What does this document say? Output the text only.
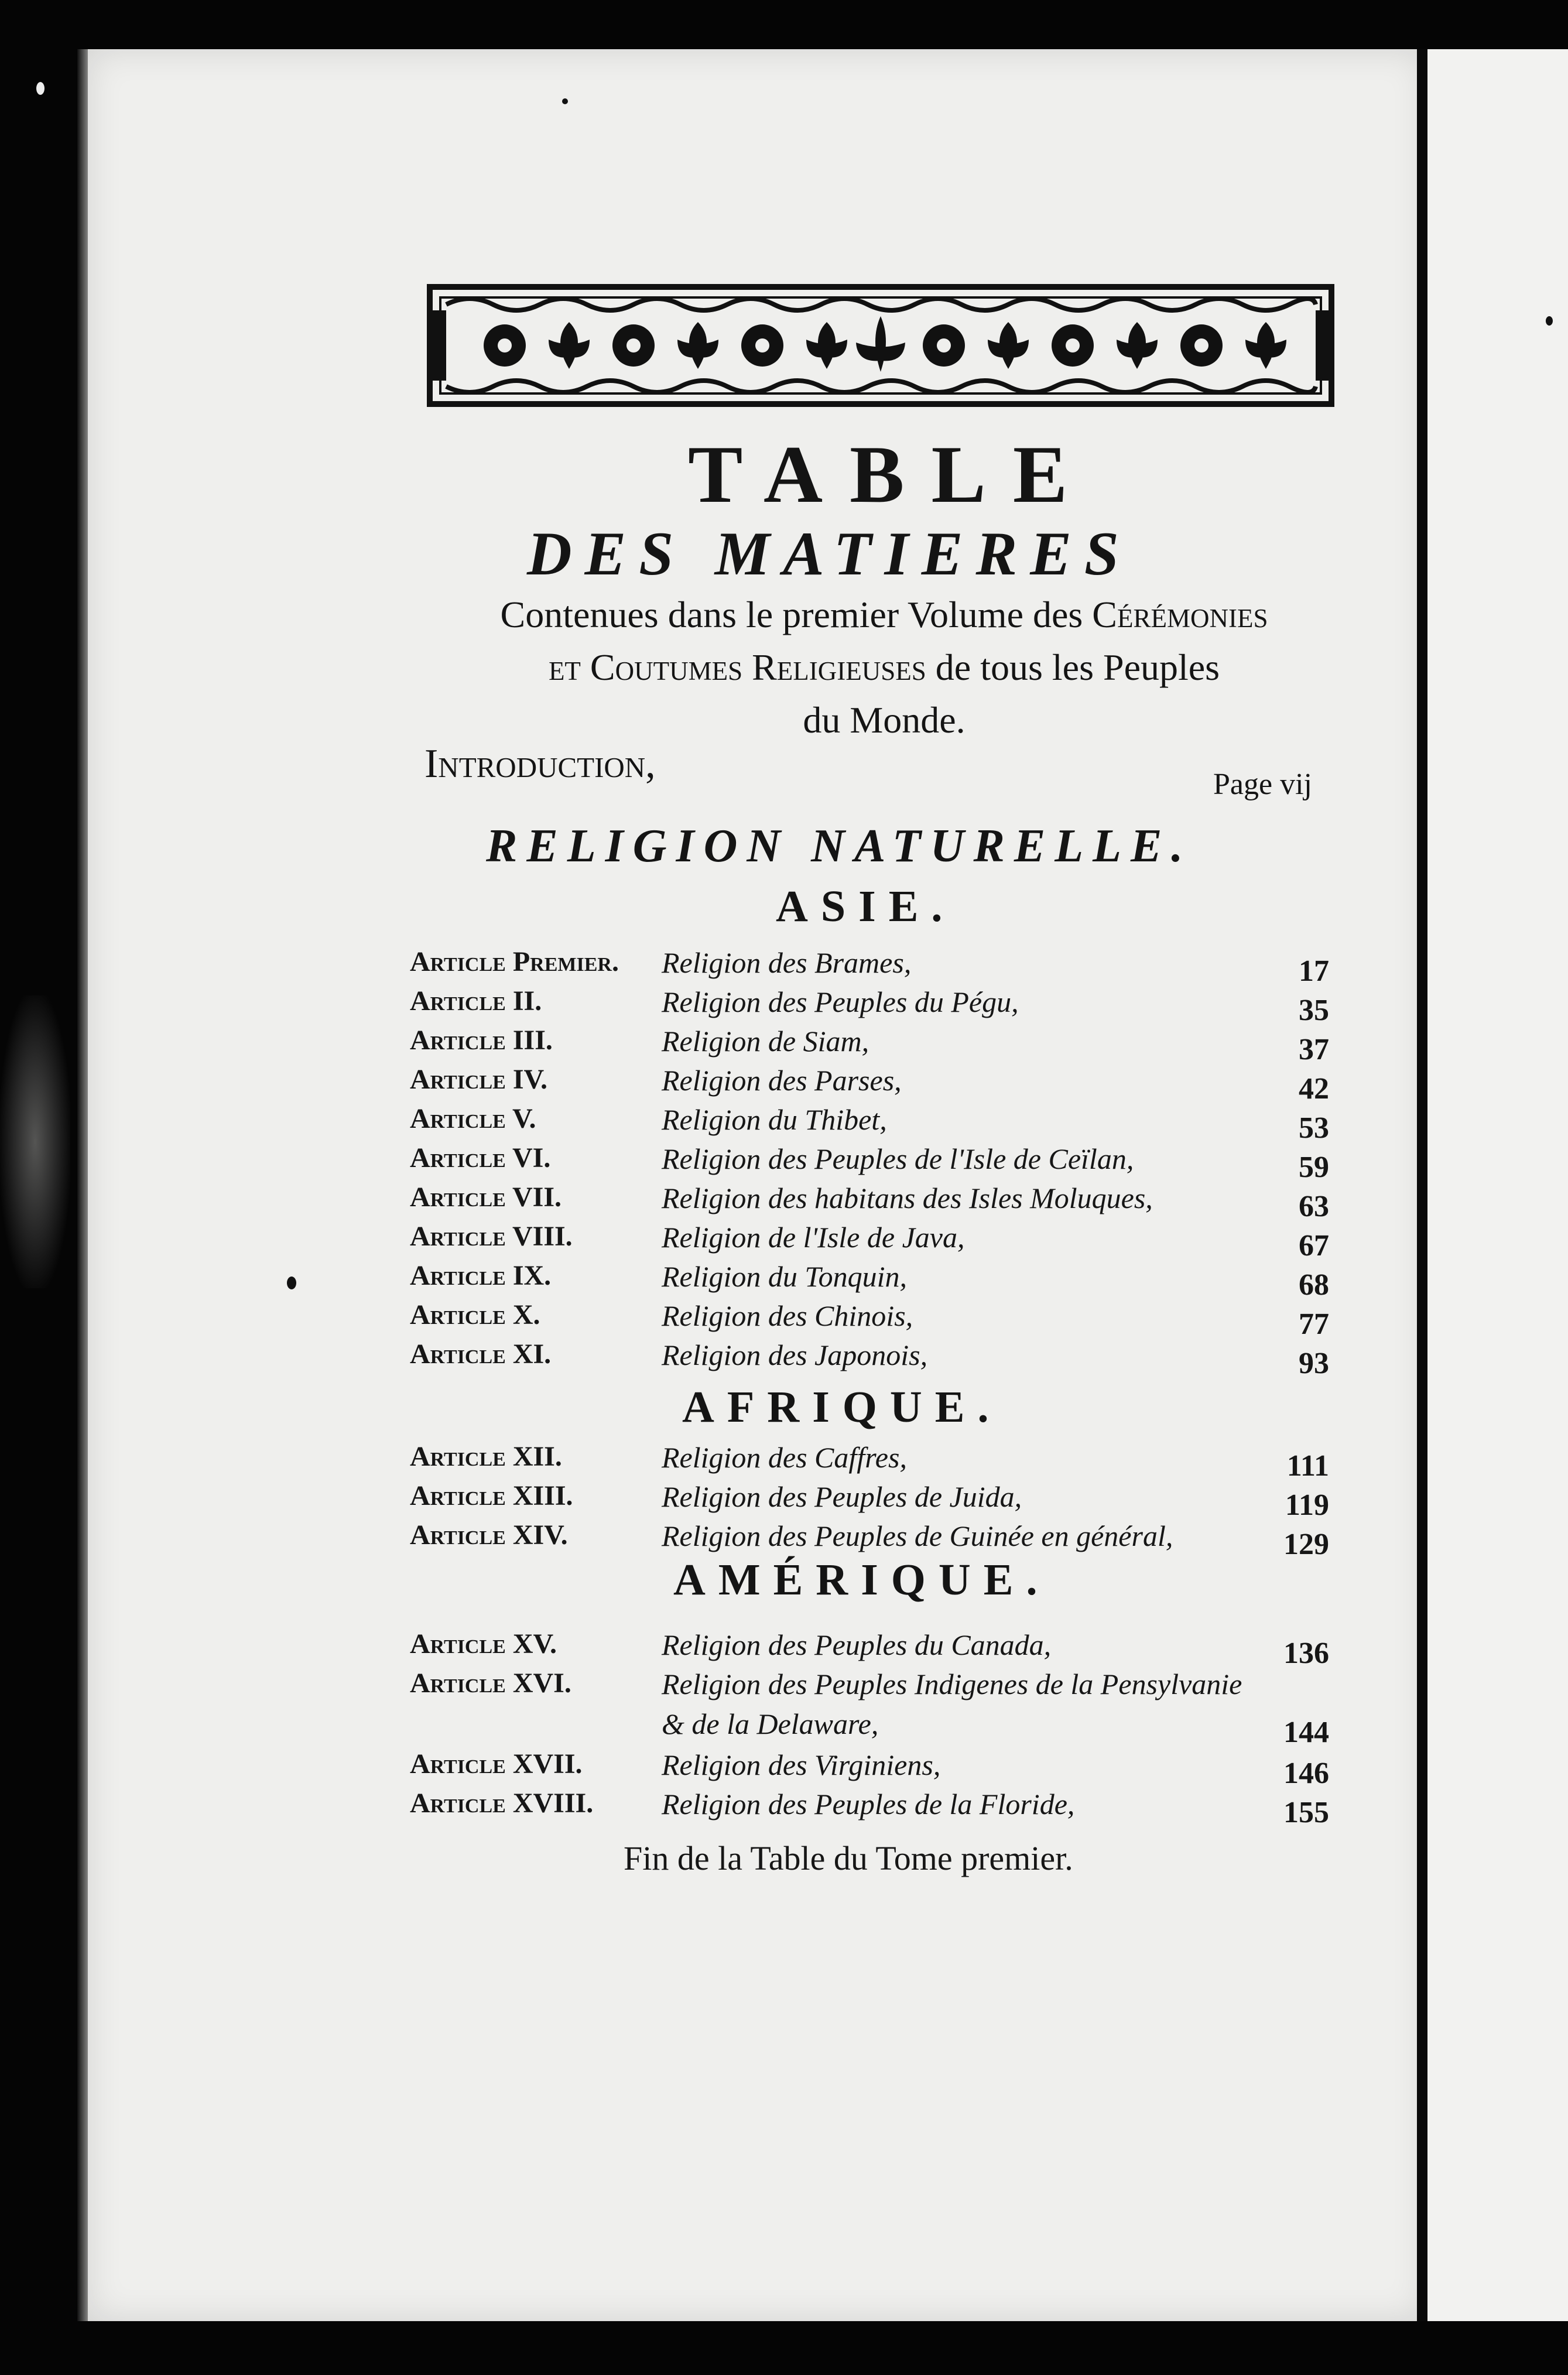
TABLE
DES MATIERES
Contenues dans le premier Volume des Cérémonies
et Coutumes Religieuses de tous les Peuples
du Monde.
Introduction,	Page vij
RELIGION NATURELLE.
ASIE.
AFRIQUE.
AMÉRIQUE.
Article Premier. Religion des Brames,	17
Article II.	Religion des Peuples du Pégu,	35
Article III.	Religion de Siam,	37
Article IV.	Religion des Parses,	42
Article V.	Religion du Thibet,	53
Article VI.	Religion des Peuples de l'Isle de Ceïlan,	59
Article VII.	Religion des habitans des Isles Moluques,	63
Article VIII.	Religion de l'Isle de Java,	67
Article IX.	Religion du Tonquin,	68
Article X.	Religion des Chinois,	77
Article XI.	Religion des Japonois,	93
Article XII.	Religion des Caffres,	111
Article XIII.	Religion des Peuples de Juida,	119
Article XIV.	Religion des Peuples de Guinée en général,	129
Article XV.	Religion des Peuples du Canada,	136
Article XVI.	Religion des Peuples Indigenes de la Pensylvanie
& de la Delaware,	144
Article XVII.	Religion des Virginiens,	146
Article XVIII. Religion des Peuples de la Floride,	155
Fin de la Table du Tome premier.
